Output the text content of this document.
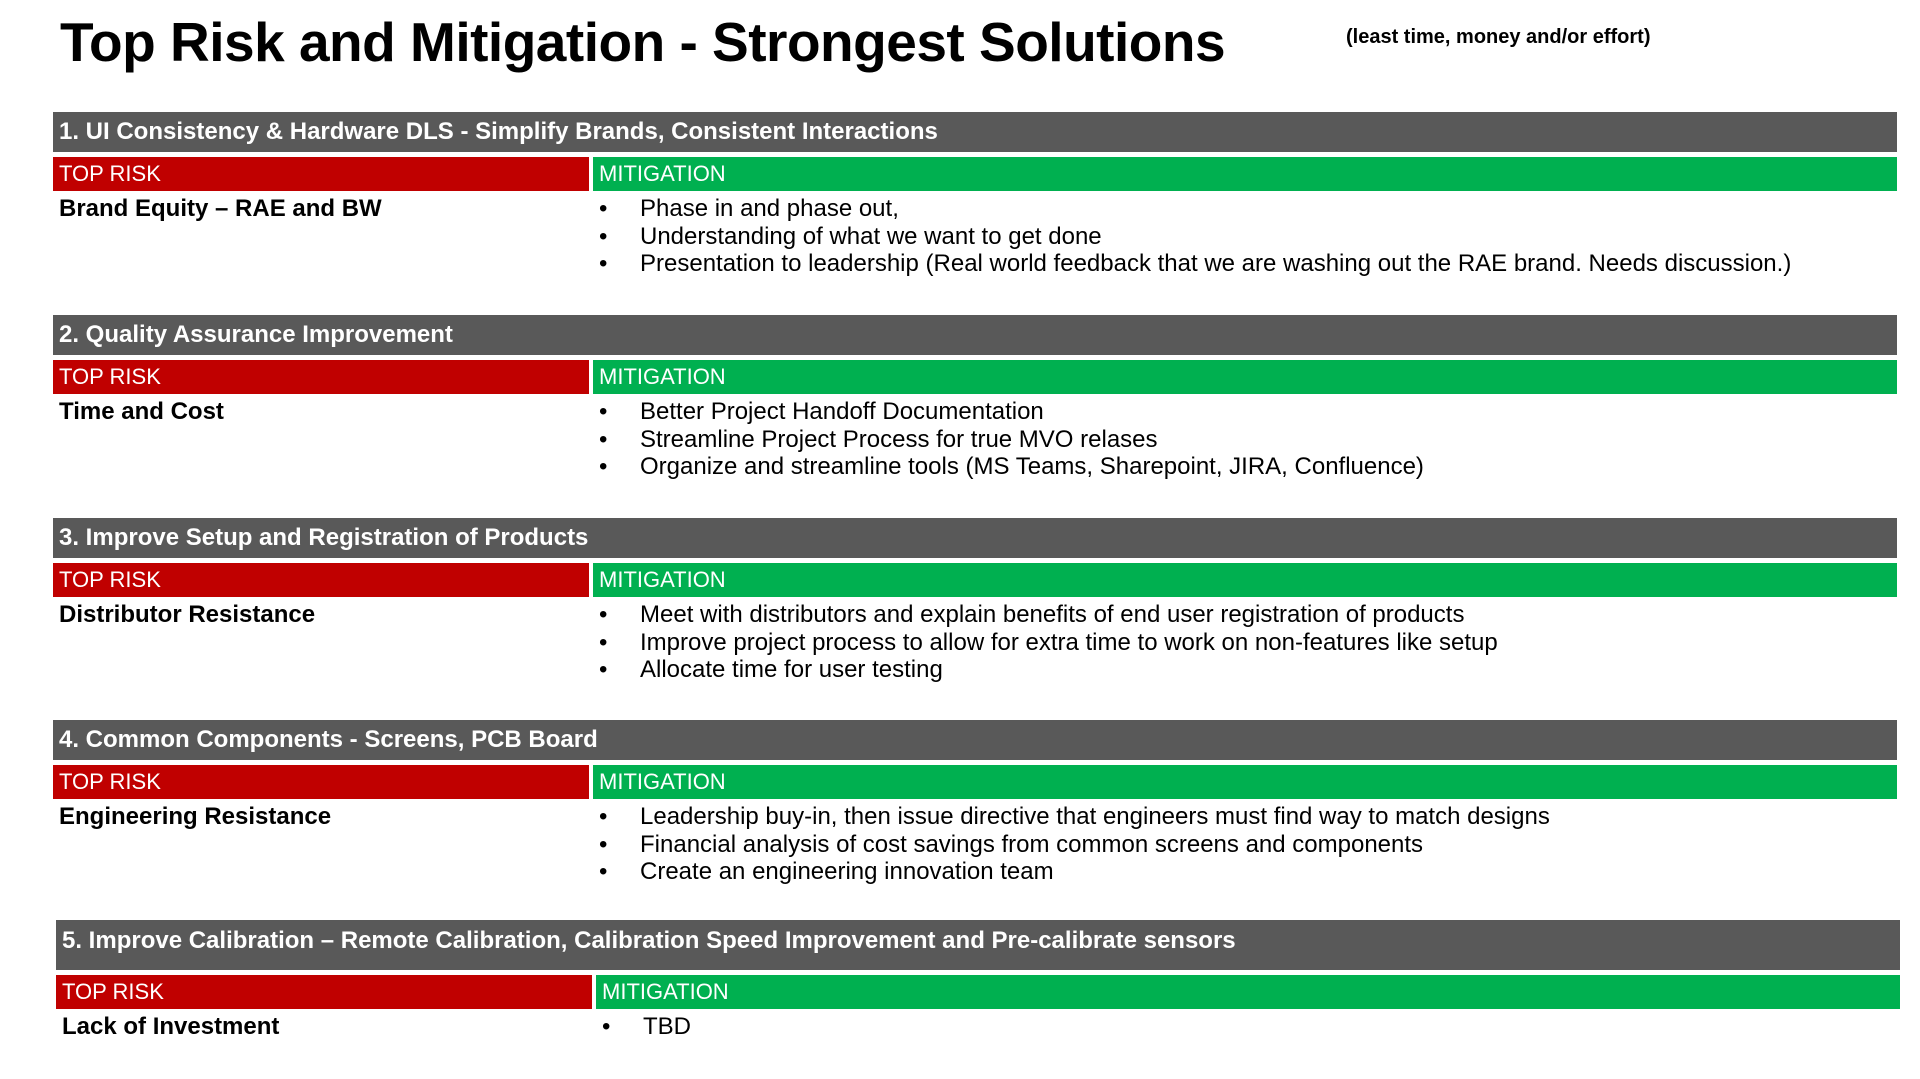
Top Risk and Mitigation - Strongest Solutions	(least time, money and/or effort)
1. UI Consistency & Hardware DLS - Simplify Brands, Consistent Interactions
TOP RISK	MITIGATION
Brand Equity – RAE and BW	• Phase in and phase out,
• Understanding of what we want to get done
• Presentation to leadership (Real world feedback that we are washing out the RAE brand. Needs discussion.)
2. Quality Assurance Improvement
TOP RISK	MITIGATION
Time and Cost	• Better Project Handoff Documentation
• Streamline Project Process for true MVO relases
• Organize and streamline tools (MS Teams, Sharepoint, JIRA, Confluence)
3. Improve Setup and Registration of Products
TOP RISK	MITIGATION
Distributor Resistance	• Meet with distributors and explain benefits of end user registration of products
• Improve project process to allow for extra time to work on non-features like setup
• Allocate time for user testing
4. Common Components - Screens, PCB Board
TOP RISK	MITIGATION
Engineering Resistance	• Leadership buy-in, then issue directive that engineers must find way to match designs
• Financial analysis of cost savings from common screens and components
• Create an engineering innovation team
5. Improve Calibration – Remote Calibration, Calibration Speed Improvement and Pre-calibrate sensors
TOP RISK	MITIGATION
Lack of Investment	• TBD
